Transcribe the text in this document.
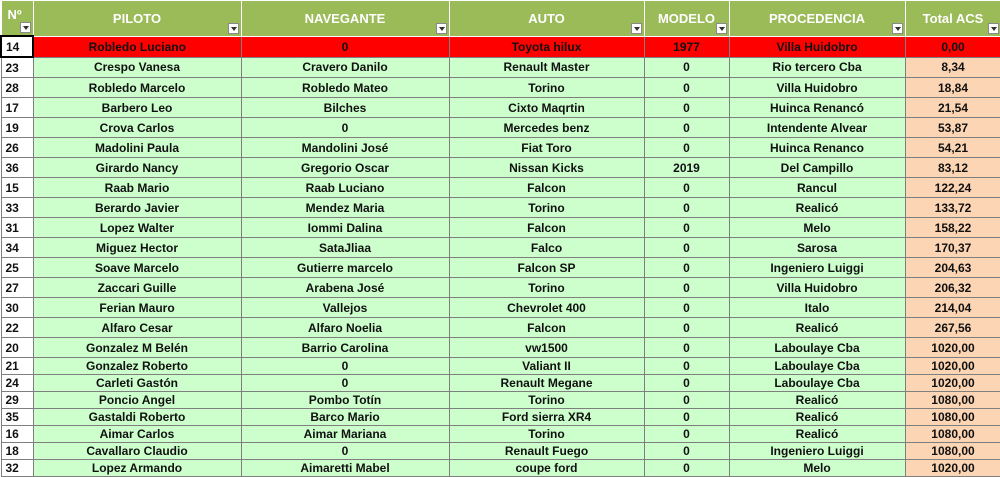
Nº	PILOTO	NAVEGANTE	AUTO	MODELO	PROCEDENCIA	Total ACS

14	Robledo Luciano	0	Toyota hilux	1977	Villa Huidobro	0,00
23	Crespo Vanesa	Cravero Danilo	Renault Master	0	Rio tercero Cba	8,34
28	Robledo Marcelo	Robledo Mateo	Torino	0	Villa Huidobro	18,84
17	Barbero Leo	Bilches	Cixto Maqrtin	0	Huinca Renancó	21,54
19	Crova Carlos	0	Mercedes benz	0	Intendente Alvear	53,87
26	Madolini Paula	Mandolini José	Fiat Toro	0	Huinca Renanco	54,21
36	Girardo Nancy	Gregorio Oscar	Nissan Kicks	2019	Del Campillo	83,12
15	Raab Mario	Raab Luciano	Falcon	0	Rancul	122,24
33	Berardo Javier	Mendez Maria	Torino	0	Realicó	133,72
31	Lopez Walter	Iommi Dalina	Falcon	0	Melo	158,22
34	Miguez Hector	SataJliaa	Falco	0	Sarosa	170,37
25	Soave Marcelo	Gutierre marcelo	Falcon SP	0	Ingeniero Luiggi	204,63
27	Zaccari Guille	Arabena José	Torino	0	Villa Huidobro	206,32
30	Ferian Mauro	Vallejos	Chevrolet 400	0	Italo	214,04
22	Alfaro Cesar	Alfaro Noelia	Falcon	0	Realicó	267,56
20	Gonzalez M Belén	Barrio Carolina	vw1500	0	Laboulaye Cba	1020,00
21	Gonzalez Roberto	0	Valiant II	0	Laboulaye Cba	1020,00
24	Carleti Gastón	0	Renault Megane	0	Laboulaye Cba	1020,00
29	Poncio Angel	Pombo Totín	Torino	0	Realicó	1080,00
35	Gastaldi Roberto	Barco Mario	Ford sierra XR4	0	Realicó	1080,00
16	Aimar Carlos	Aimar Mariana	Torino	0	Realicó	1080,00
18	Cavallaro Claudio	0	Renault Fuego	0	Ingeniero Luiggi	1080,00
32	Lopez Armando	Aimaretti Mabel	coupe ford	0	Melo	1020,00
